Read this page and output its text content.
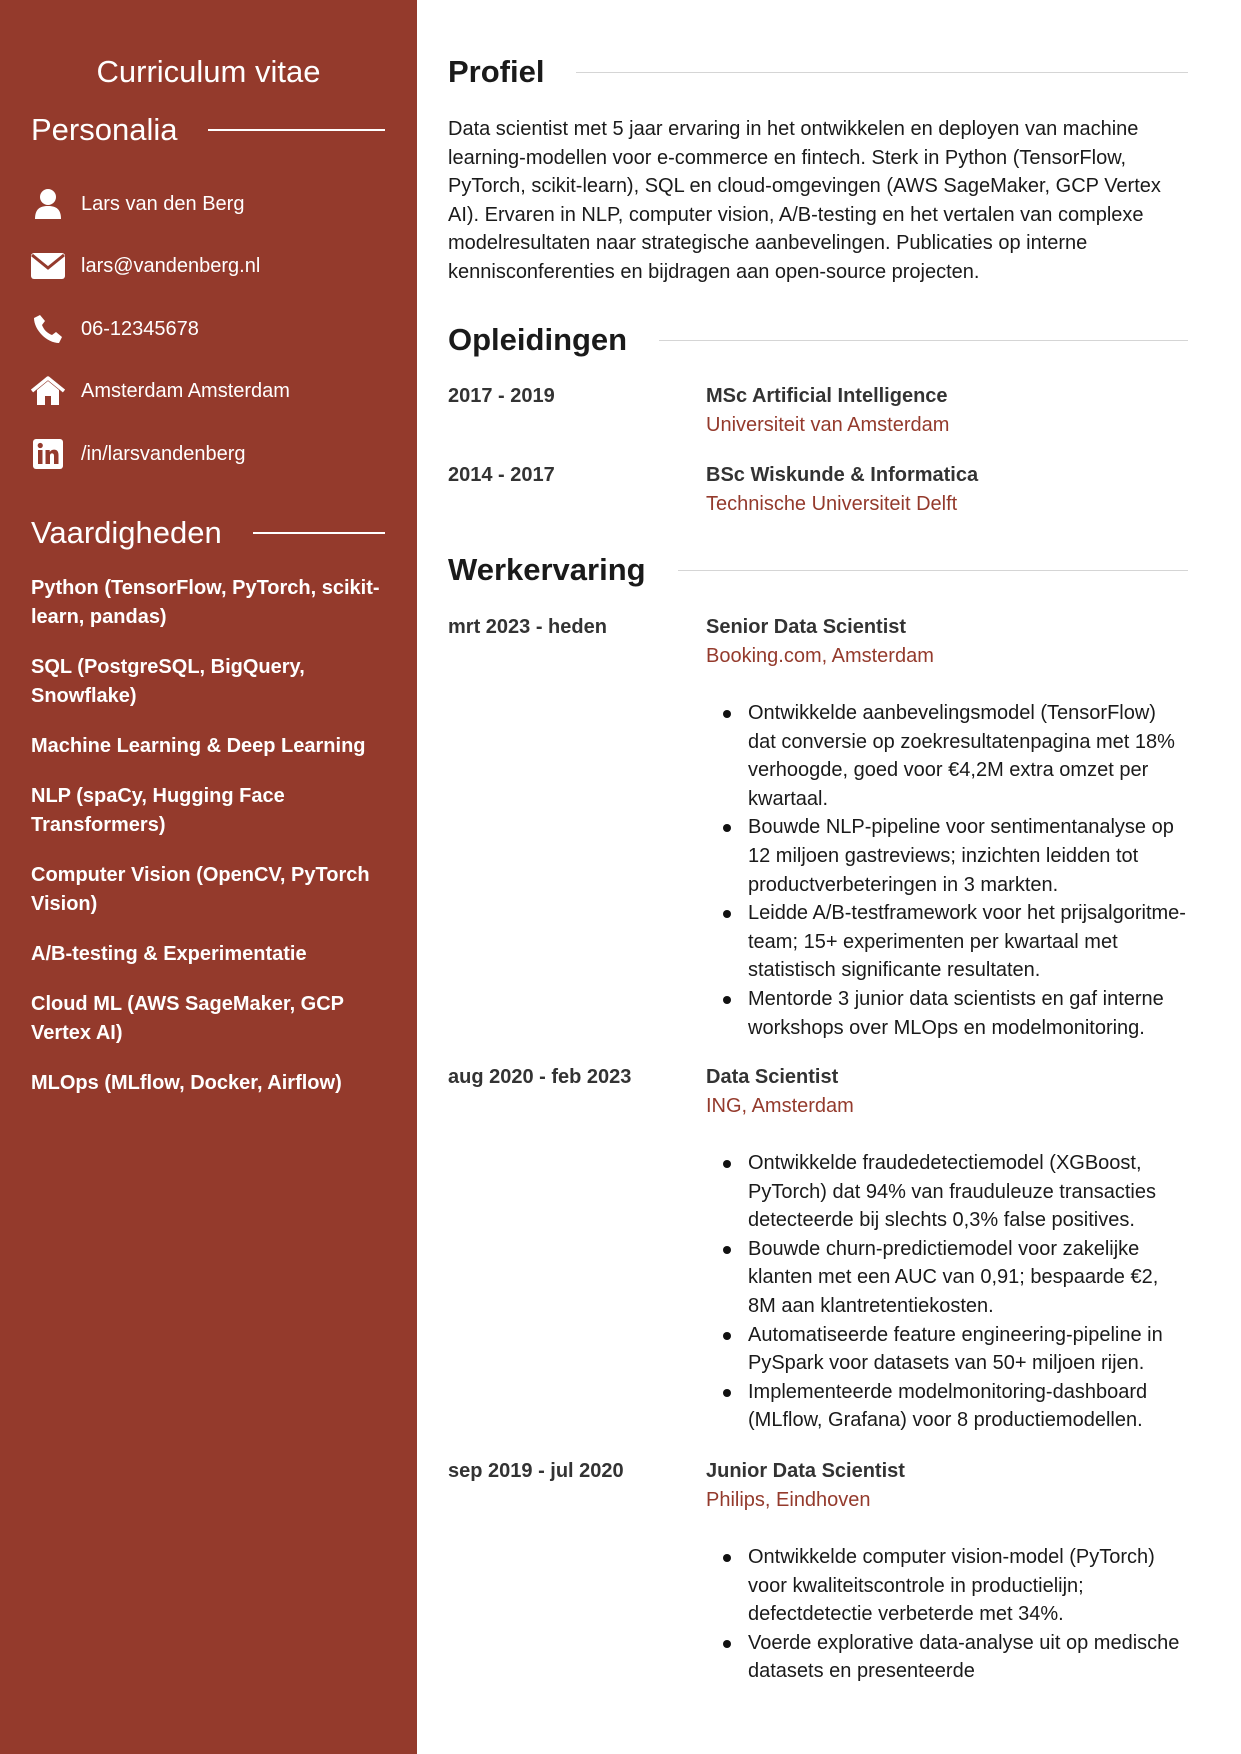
Curriculum vitae
Personalia
Lars van den Berg
lars@vandenberg.nl
06-12345678
Amsterdam Amsterdam
/in/larsvandenberg
Vaardigheden
Python (TensorFlow, PyTorch, scikit-learn, pandas)
SQL (PostgreSQL, BigQuery, Snowflake)
Machine Learning & Deep Learning
NLP (spaCy, Hugging Face Transformers)
Computer Vision (OpenCV, PyTorch Vision)
A/B-testing & Experimentatie
Cloud ML (AWS SageMaker, GCP Vertex AI)
MLOps (MLflow, Docker, Airflow)
Profiel

Data scientist met 5 jaar ervaring in het ontwikkelen en deployen van machine learning-modellen voor e-commerce en fintech. Sterk in Python (TensorFlow, PyTorch, scikit-learn), SQL en cloud-omgevingen (AWS SageMaker, GCP Vertex AI). Ervaren in NLP, computer vision, A/B-testing en het vertalen van complexe modelresultaten naar strategische aanbevelingen. Publicaties op interne kennisconferenties en bijdragen aan open-source projecten.

Opleidingen
2017 - 2019	MSc Artificial Intelligence
Universiteit van Amsterdam
2014 - 2017	BSc Wiskunde & Informatica
Technische Universiteit Delft
Werkervaring
mrt 2023 - heden	Senior Data Scientist
Booking.com, Amsterdam
Ontwikkelde aanbevelingsmodel (TensorFlow) dat conversie op zoekresultatenpagina met 18% verhoogde, goed voor €4,2M extra omzet per kwartaal.
Bouwde NLP-pipeline voor sentimentanalyse op 12 miljoen gastreviews; inzichten leidden tot productverbeteringen in 3 markten.
Leidde A/B-testframework voor het prijsalgoritme-team; 15+ experimenten per kwartaal met statistisch significante resultaten.
Mentorde 3 junior data scientists en gaf interne workshops over MLOps en modelmonitoring.
aug 2020 - feb 2023	Data Scientist
ING, Amsterdam
Ontwikkelde fraudedetectiemodel (XGBoost, PyTorch) dat 94% van frauduleuze transacties detecteerde bij slechts 0,3% false positives.
Bouwde churn-predictiemodel voor zakelijke klanten met een AUC van 0,91; bespaarde €2, 8M aan klantretentiekosten.
Automatiseerde feature engineering-pipeline in PySpark voor datasets van 50+ miljoen rijen.
Implementeerde modelmonitoring-dashboard (MLflow, Grafana) voor 8 productiemodellen.
sep 2019 - jul 2020	Junior Data Scientist
Philips, Eindhoven
Ontwikkelde computer vision-model (PyTorch) voor kwaliteitscontrole in productielijn; defectdetectie verbeterde met 34%.
Voerde explorative data-analyse uit op medische datasets en presenteerde
